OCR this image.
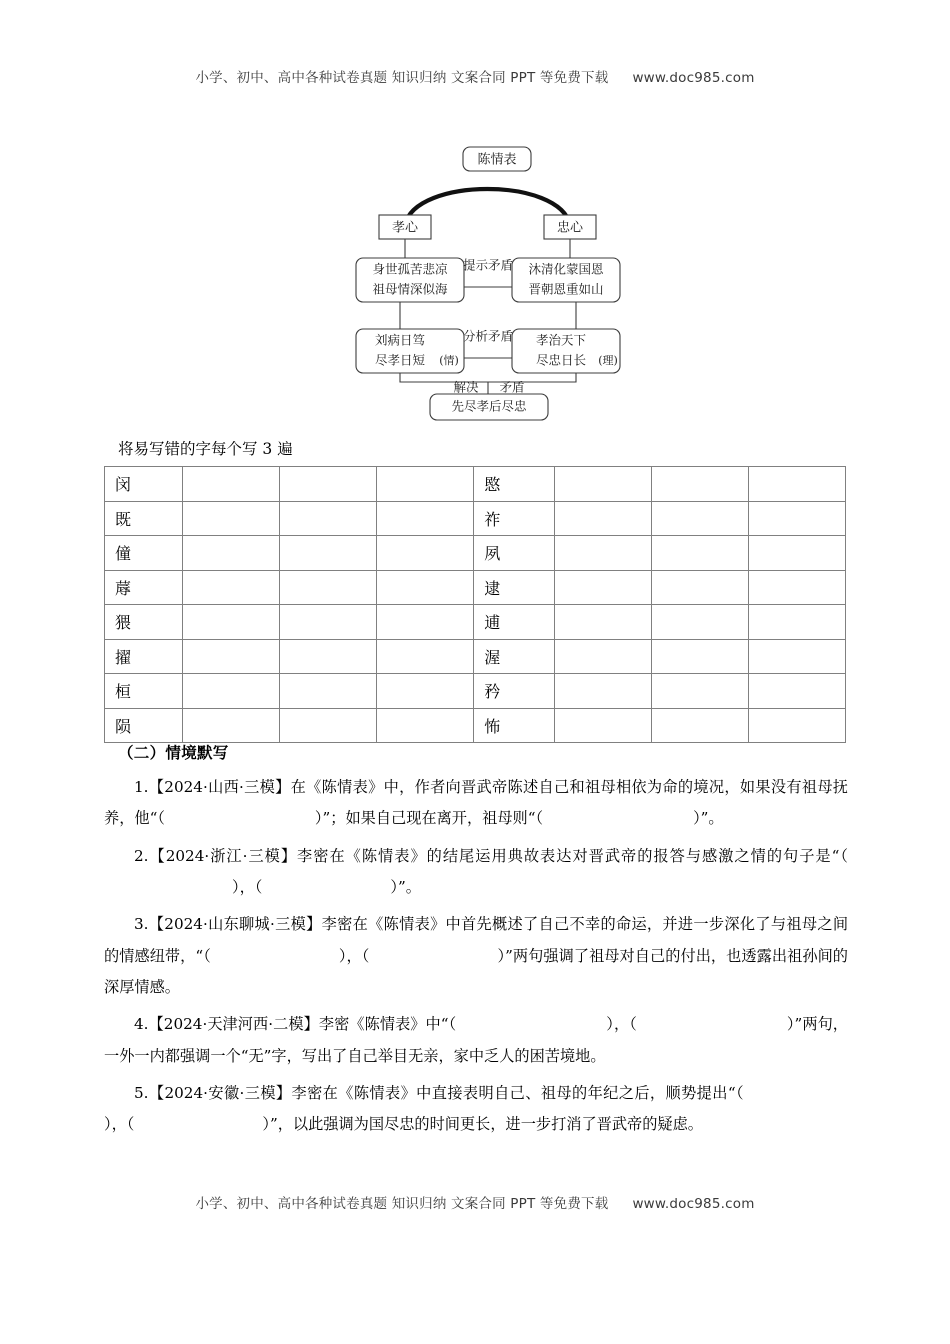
小学、初中、高中各种试卷真题 知识归纳 文案合同 PPT 等免费下载 www.doc985.com
陈情表
孝心	忠心
身世孤苦悲凉
祖母情深似海
沐清化蒙国恩
晋朝恩重如山
提示矛盾
刘病日笃
尽孝日短 (情)
孝治天下
尽忠日长 (理)
分析矛盾
解决 矛盾
先尽孝后尽忠
将易写错的字每个写 3 遍
闵				愍			
既				祚			
僮				夙			
蓐				逮			
猥				逋			
擢				渥			
桓				矜			
陨				怖			
（二）情境默写

1.【2024·山西·三模】在《陈情表》中，作者向晋武帝陈述自己和祖母相依为命的境况，如果没有祖母抚养，他“（	）”；如果自己现在离开，祖母则“（	）”。

2.【2024·浙江·三模】李密在《陈情表》的结尾运用典故表达对晋武帝的报答与感激之情的句子是“（），（	）”。

3.【2024·山东聊城·三模】李密在《陈情表》中首先概述了自己不幸的命运，并进一步深化了与祖母之间的情感纽带，“（	），（	）”两句强调了祖母对自己的付出，也透露出祖孙间的深厚情感。

4.【2024·天津河西·二模】李密《陈情表》中“（	），（	）”两句，一外一内都强调一个“无”字，写出了自己举目无亲，家中乏人的困苦境地。

5.【2024·安徽·三模】李密在《陈情表》中直接表明自己、祖母的年纪之后，顺势提出“（），（	）”，以此强调为国尽忠的时间更长，进一步打消了晋武帝的疑虑。

小学、初中、高中各种试卷真题 知识归纳 文案合同 PPT 等免费下载 www.doc985.com
